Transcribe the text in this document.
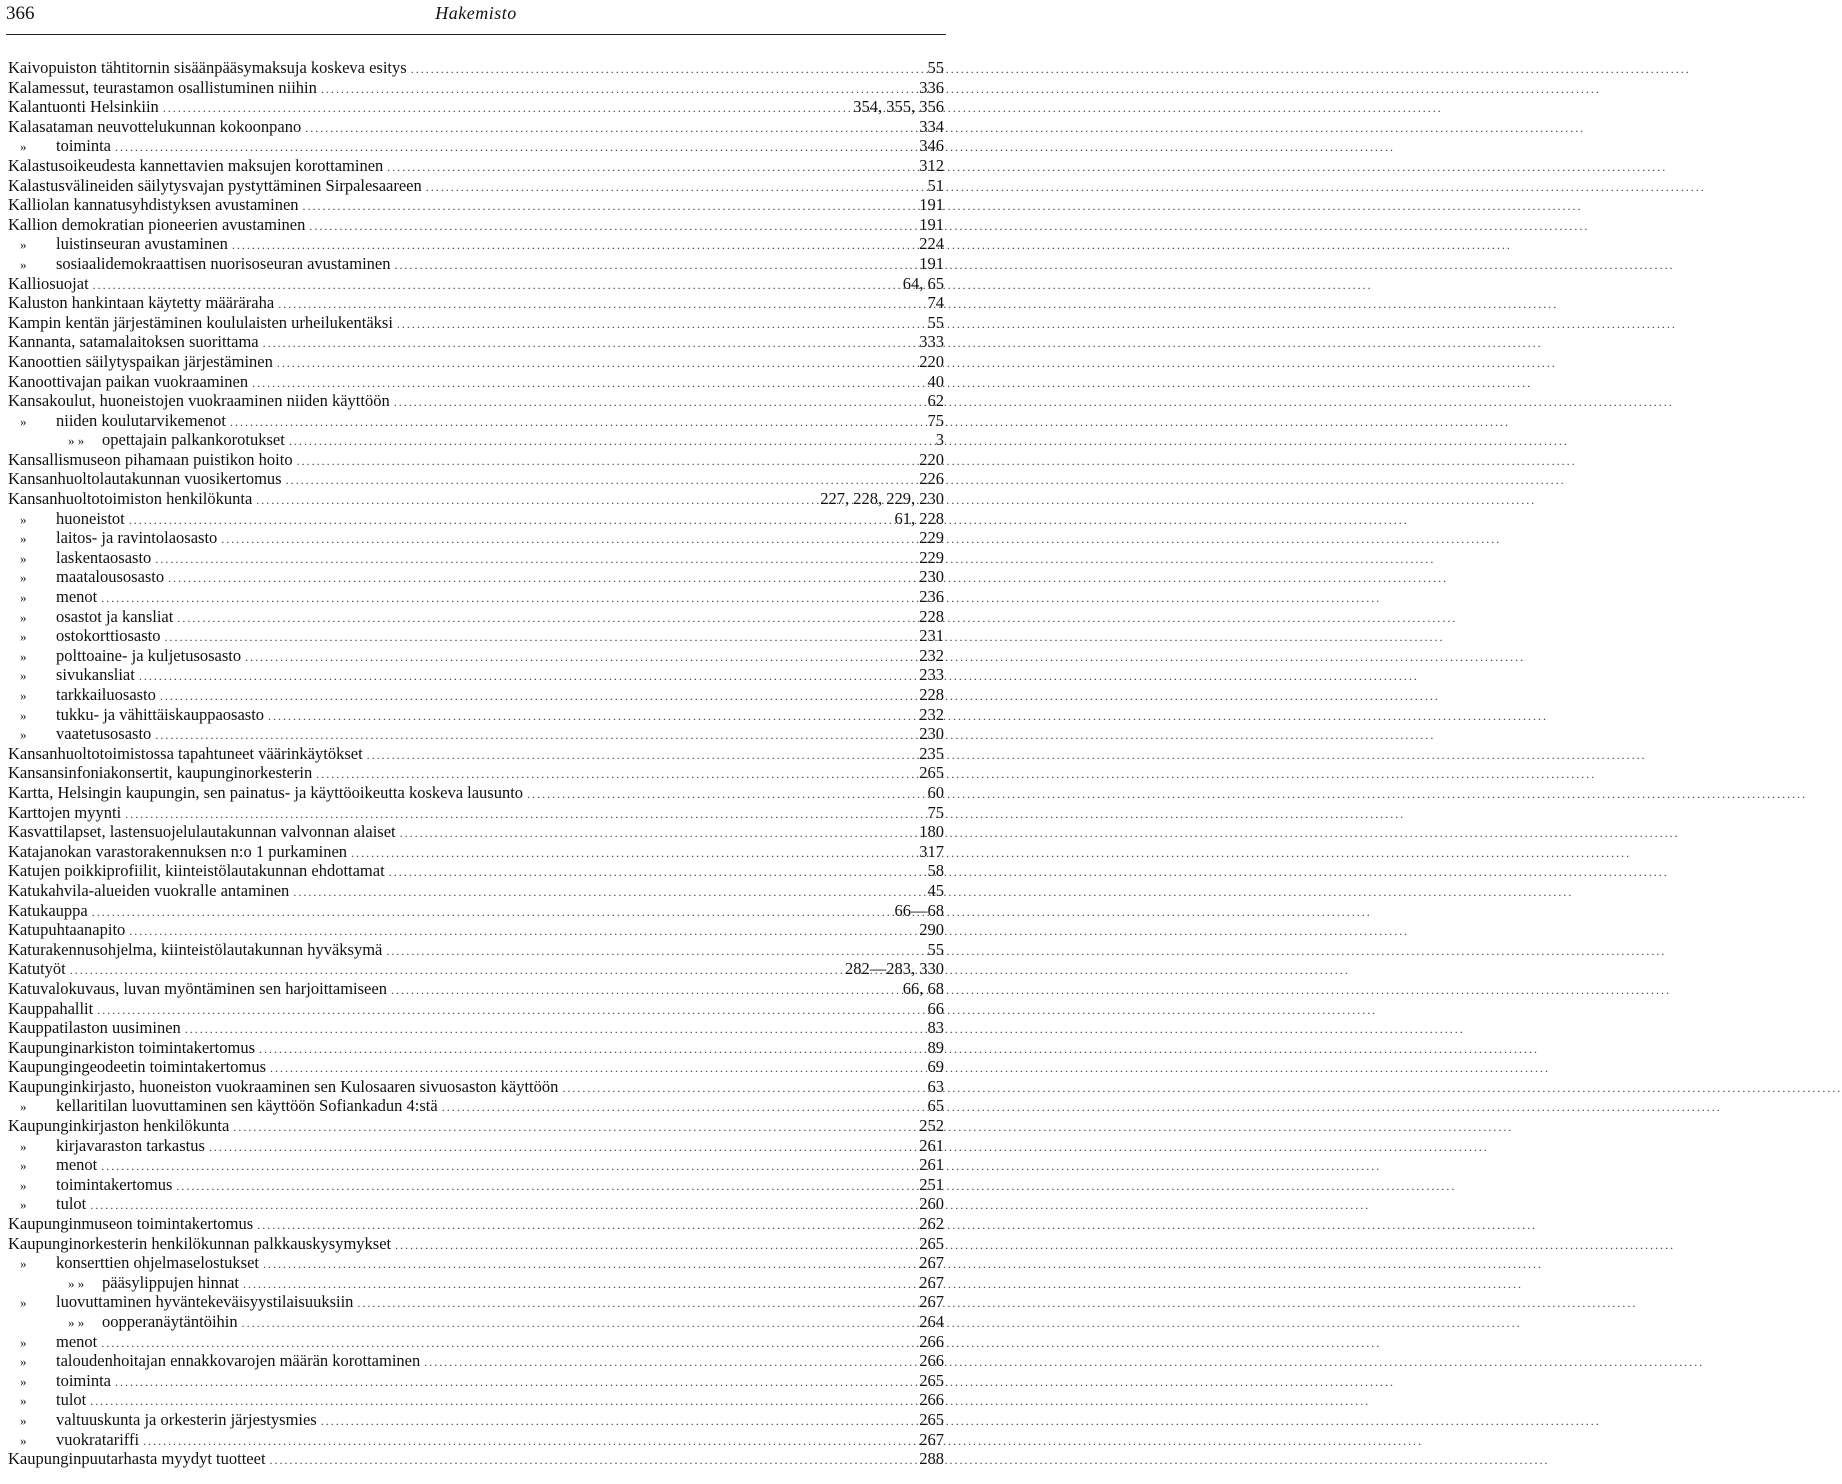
366	Hakemisto
Kaivopuiston tähtitornin sisäänpääsymaksuja koskeva esitys .....	55
Kalamessut, teurastamon osallistuminen niihin .....	336
Kalantuonti Helsinkiin .....	354, 355, 356
Kalasataman neuvottelukunnan kokoonpano .....	334
»	toiminta .....	346
Kalastusoikeudesta kannettavien maksujen korottaminen .....	312
Kalastusvälineiden säilytysvajan pystyttäminen Sirpalesaareen .....	51
Kalliolan kannatusyhdistyksen avustaminen .....	191
Kallion demokratian pioneerien avustaminen .....	191
»	luistinseuran avustaminen .....	224
»	sosiaalidemokraattisen nuorisoseuran avustaminen .....	191
Kalliosuojat .....	64, 65
Kaluston hankintaan käytetty määräraha .....	74
Kampin kentän järjestäminen koululaisten urheilukentäksi .....	55
Kannanta, satamalaitoksen suorittama .....	333
Kanoottien säilytyspaikan järjestäminen .....	220
Kanoottivajan paikan vuokraaminen .....	40
Kansakoulut, huoneistojen vuokraaminen niiden käyttöön .....	62
»	niiden koulutarvikemenot .....	75
» »	opettajain palkankorotukset .....	3
Kansallismuseon pihamaan puistikon hoito .....	220
Kansanhuoltolautakunnan vuosikertomus .....	226
Kansanhuoltotoimiston henkilökunta .....	227, 228, 229, 230
»	huoneistot .....	61, 228
»	laitos- ja ravintolaosasto .....	229
»	laskentaosasto .....	229
»	maatalousosasto .....	230
»	menot .....	236
»	osastot ja kansliat .....	228
»	ostokorttiosasto .....	231
»	polttoaine- ja kuljetusosasto .....	232
»	sivukansliat .....	233
»	tarkkailuosasto .....	228
»	tukku- ja vähittäiskauppaosasto .....	232
»	vaatetusosasto .....	230
Kansanhuoltotoimistossa tapahtuneet väärinkäytökset .....	235
Kansansinfoniakonsertit, kaupunginorkesterin .....	265
Kartta, Helsingin kaupungin, sen painatus- ja käyttöoikeutta koskeva lausunto .....	60
Karttojen myynti .....	75
Kasvattilapset, lastensuojelulautakunnan valvonnan alaiset .....	180
Katajanokan varastorakennuksen n:o 1 purkaminen .....	317
Katujen poikkiprofiilit, kiinteistölautakunnan ehdottamat .....	58
Katukahvila-alueiden vuokralle antaminen .....	45
Katukauppa .....	66—68
Katupuhtaanapito .....	290
Katurakennusohjelma, kiinteistölautakunnan hyväksymä .....	55
Katutyöt .....	282—283, 330
Katuvalokuvaus, luvan myöntäminen sen harjoittamiseen .....	66, 68
Kauppahallit .....	66
Kauppatilaston uusiminen .....	83
Kaupunginarkiston toimintakertomus .....	89
Kaupungingeodeetin toimintakertomus .....	69
Kaupunginkirjasto, huoneiston vuokraaminen sen Kulosaaren sivuosaston käyttöön .....	63
»	kellaritilan luovuttaminen sen käyttöön Sofiankadun 4:stä .....	65
Kaupunginkirjaston henkilökunta .....	252
»	kirjavaraston tarkastus .....	261
»	menot .....	261
»	toimintakertomus .....	251
»	tulot .....	260
Kaupunginmuseon toimintakertomus .....	262
Kaupunginorkesterin henkilökunnan palkkauskysymykset .....	265
»	konserttien ohjelmaselostukset .....	267
» »	pääsylippujen hinnat .....	267
»	luovuttaminen hyväntekeväisyystilaisuuksiin .....	267
» »	oopperanäytäntöihin .....	264
»	menot .....	266
»	taloudenhoitajan ennakkovarojen määrän korottaminen .....	266
»	toiminta .....	265
»	tulot .....	266
»	valtuuskunta ja orkesterin järjestysmies .....	265
»	vuokratariffi .....	267
Kaupunginpuutarhasta myydyt tuotteet .....	288
